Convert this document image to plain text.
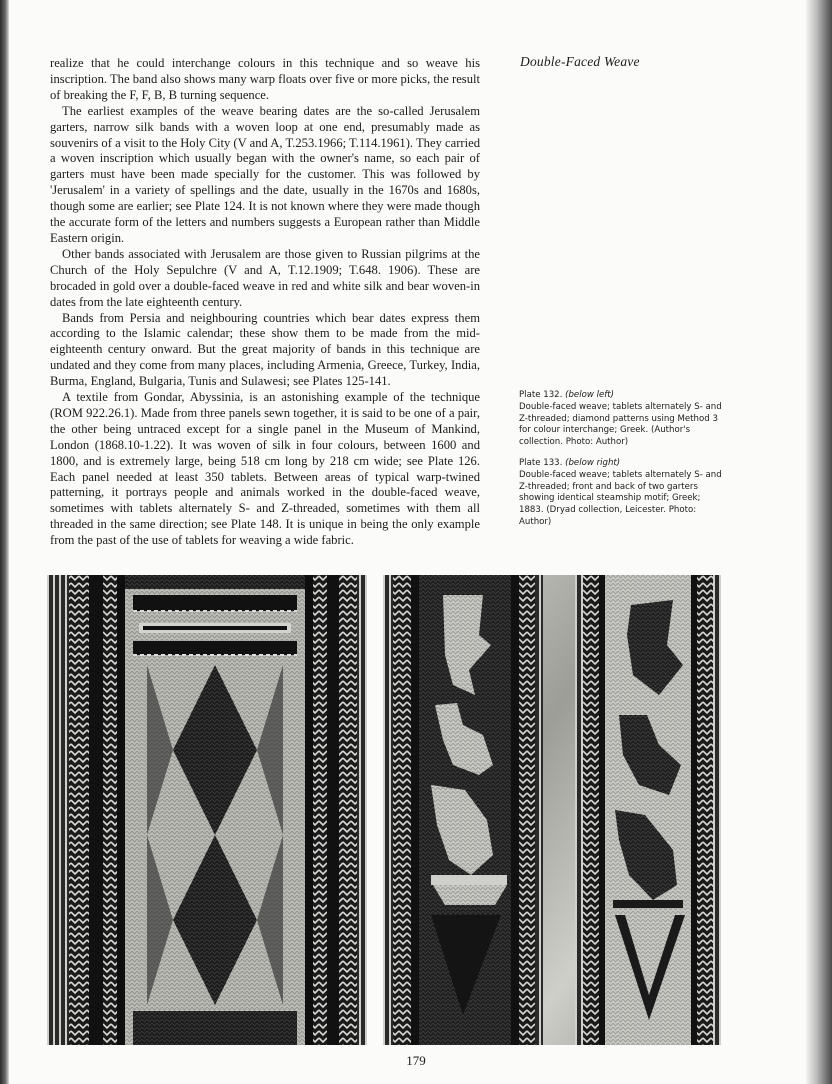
Double-Faced Weave

realize that he could interchange colours in this technique and so weave his inscription. The band also shows many warp floats over five or more picks, the result of breaking the F, F, B, B turning sequence.

The earliest examples of the weave bearing dates are the so-called Jerusalem garters, narrow silk bands with a woven loop at one end, presumably made as souvenirs of a visit to the Holy City (V and A, T.253.1966; T.114.1961). They carried a woven inscription which usually began with the owner's name, so each pair of garters must have been made specially for the customer. This was followed by 'Jerusalem' in a variety of spellings and the date, usually in the 1670s and 1680s, though some are earlier; see Plate 124. It is not known where they were made though the accurate form of the letters and numbers suggests a European rather than Middle Eastern origin.

Other bands associated with Jerusalem are those given to Russian pilgrims at the Church of the Holy Sepulchre (V and A, T.12.1909; T.648. 1906). These are brocaded in gold over a double-faced weave in red and white silk and bear woven-in dates from the late eighteenth century.

Bands from Persia and neighbouring countries which bear dates express them according to the Islamic calendar; these show them to be made from the mid-eighteenth century onward. But the great majority of bands in this technique are undated and they come from many places, including Armenia, Greece, Turkey, India, Burma, England, Bulgaria, Tunis and Sulawesi; see Plates 125-141.

A textile from Gondar, Abyssinia, is an astonishing example of the technique (ROM 922.26.1). Made from three panels sewn together, it is said to be one of a pair, the other being untraced except for a single panel in the Museum of Mankind, London (1868.10-1.22). It was woven of silk in four colours, between 1600 and 1800, and is extremely large, being 518 cm long by 218 cm wide; see Plate 126. Each panel needed at least 350 tablets. Between areas of typical warp-twined patterning, it portrays people and animals worked in the double-faced weave, sometimes with tablets alternately S- and Z-threaded, sometimes with them all threaded in the same direction; see Plate 148. It is unique in being the only example from the past of the use of tablets for weaving a wide fabric.

Plate 132. (below left)
Double-faced weave; tablets alternately S- and Z-threaded; diamond patterns using Method 3 for colour interchange; Greek. (Author's collection. Photo: Author)
Plate 133. (below right)
Double-faced weave; tablets alternately S- and Z-threaded; front and back of two garters showing identical steamship motif; Greek; 1883. (Dryad collection, Leicester. Photo: Author)
179
